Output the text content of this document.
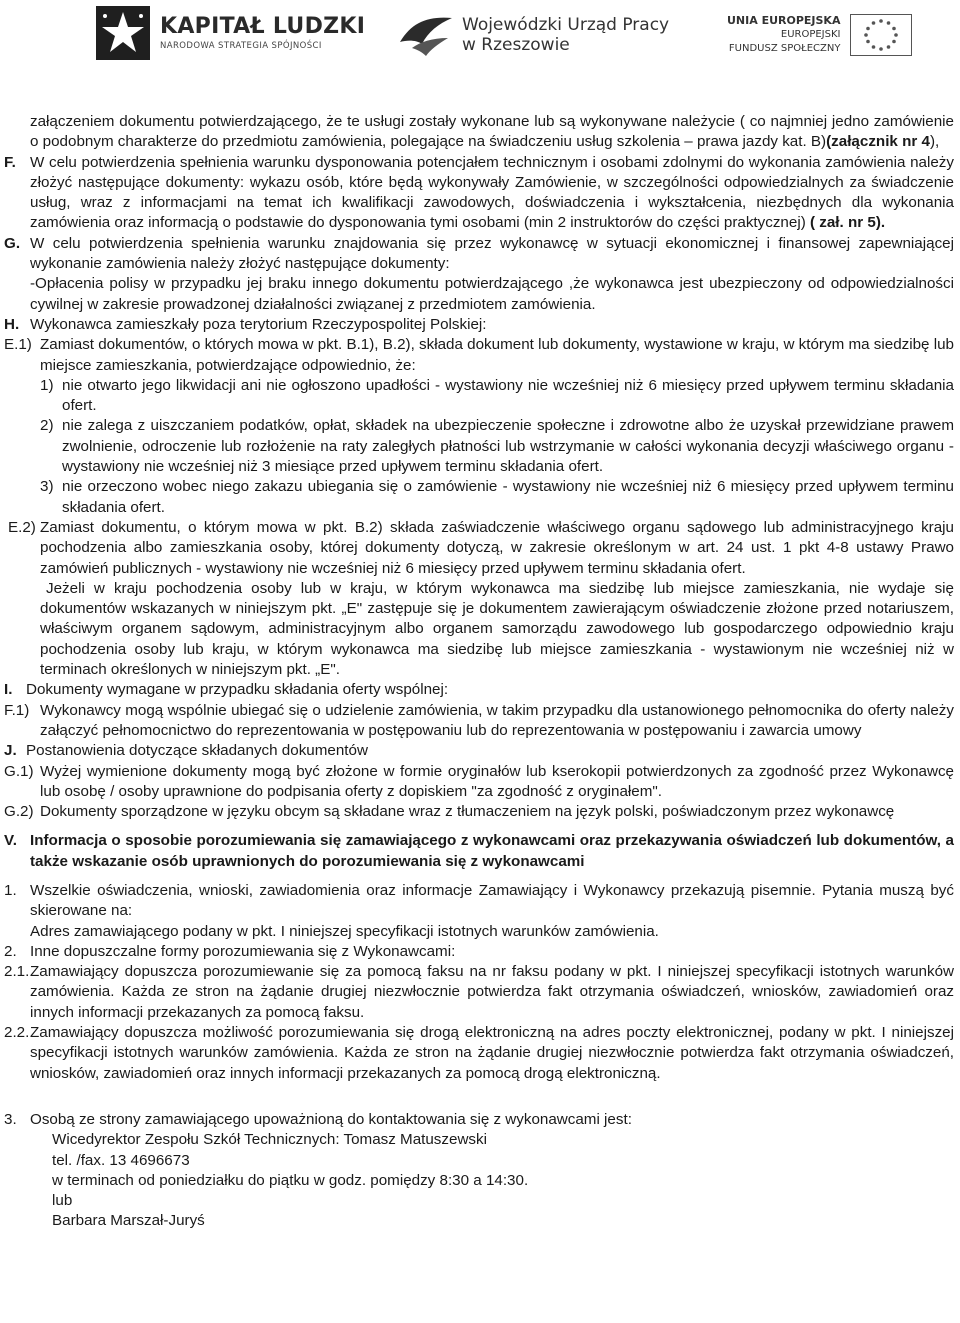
KAPITAŁ LUDZKI
NARODOWA STRATEGIA SPÓJNOŚCI
Wojewódzki Urząd Pracy
w Rzeszowie
UNIA EUROPEJSKA
EUROPEJSKI
FUNDUSZ SPOŁECZNY

załączeniem dokumentu potwierdzającego, że te usługi zostały wykonane lub są wykonywane należycie ( co najmniej jedno zamówienie o podobnym charakterze do przedmiotu zamówienia, polegające na świadczeniu usług szkolenia – prawa jazdy kat. B)(załącznik nr 4),

F. W celu potwierdzenia spełnienia warunku dysponowania potencjałem technicznym i osobami zdolnymi do wykonania zamówienia należy złożyć następujące dokumenty: wykazu osób, które będą wykonywały Zamówienie, w szczególności odpowiedzialnych za świadczenie usług, wraz z informacjami na temat ich kwalifikacji zawodowych, doświadczenia i wykształcenia, niezbędnych dla wykonania zamówienia oraz informacją o podstawie do dysponowania tymi osobami (min 2 instruktorów do części praktycznej) ( zał. nr 5).

G. W celu potwierdzenia spełnienia warunku znajdowania się przez wykonawcę w sytuacji ekonomicznej i finansowej zapewniającej wykonanie zamówienia należy złożyć następujące dokumenty:

-Opłacenia polisy w przypadku jej braku innego dokumentu potwierdzającego ,że wykonawca jest ubezpieczony od odpowiedzialności cywilnej w zakresie prowadzonej działalności związanej z przedmiotem zamówienia.

H. Wykonawca zamieszkały poza terytorium Rzeczypospolitej Polskiej:

E.1) Zamiast dokumentów, o których mowa w pkt. B.1), B.2), składa dokument lub dokumenty, wystawione w kraju, w którym ma siedzibę lub miejsce zamieszkania, potwierdzające odpowiednio, że:

1) nie otwarto jego likwidacji ani nie ogłoszono upadłości - wystawiony nie wcześniej niż 6 miesięcy przed upływem terminu składania ofert.

2) nie zalega z uiszczaniem podatków, opłat, składek na ubezpieczenie społeczne i zdrowotne albo że uzyskał przewidziane prawem zwolnienie, odroczenie lub rozłożenie na raty zaległych płatności lub wstrzymanie w całości wykonania decyzji właściwego organu - wystawiony nie wcześniej niż 3 miesiące przed upływem terminu składania ofert.

3) nie orzeczono wobec niego zakazu ubiegania się o zamówienie - wystawiony nie wcześniej niż 6 miesięcy przed upływem terminu składania ofert.

E.2) Zamiast dokumentu, o którym mowa w pkt. B.2) składa zaświadczenie właściwego organu sądowego lub administracyjnego kraju pochodzenia albo zamieszkania osoby, której dokumenty dotyczą, w zakresie określonym w art. 24 ust. 1 pkt 4-8 ustawy Prawo zamówień publicznych - wystawiony nie wcześniej niż 6 miesięcy przed upływem terminu składania ofert.

Jeżeli w kraju pochodzenia osoby lub w kraju, w którym wykonawca ma siedzibę lub miejsce zamieszkania, nie wydaje się dokumentów wskazanych w niniejszym pkt. „E" zastępuje się je dokumentem zawierającym oświadczenie złożone przed notariuszem, właściwym organem sądowym, administracyjnym albo organem samorządu zawodowego lub gospodarczego odpowiednio kraju pochodzenia osoby lub kraju, w którym wykonawca ma siedzibę lub miejsce zamieszkania - wystawionym nie wcześniej niż w terminach określonych w niniejszym pkt. „E".

I. Dokumenty wymagane w przypadku składania oferty wspólnej:

F.1) Wykonawcy mogą wspólnie ubiegać się o udzielenie zamówienia, w takim przypadku dla ustanowionego pełnomocnika do oferty należy załączyć pełnomocnictwo do reprezentowania w postępowaniu lub do reprezentowania w postępowaniu i zawarcia umowy

J. Postanowienia dotyczące składanych dokumentów

G.1) Wyżej wymienione dokumenty mogą być złożone w formie oryginałów lub kserokopii potwierdzonych za zgodność przez Wykonawcę lub osobę / osoby uprawnione do podpisania oferty z dopiskiem "za zgodność z oryginałem".

G.2) Dokumenty sporządzone w języku obcym są składane wraz z tłumaczeniem na język polski, poświadczonym przez wykonawcę

V. Informacja o sposobie porozumiewania się zamawiającego z wykonawcami oraz przekazywania oświadczeń lub dokumentów, a także wskazanie osób uprawnionych do porozumiewania się z wykonawcami

1. Wszelkie oświadczenia, wnioski, zawiadomienia oraz informacje Zamawiający i Wykonawcy przekazują pisemnie. Pytania muszą być skierowane na:

Adres zamawiającego podany w pkt. I niniejszej specyfikacji istotnych warunków zamówienia.

2. Inne dopuszczalne formy porozumiewania się z Wykonawcami:

2.1. Zamawiający dopuszcza porozumiewanie się za pomocą faksu na nr faksu podany w pkt. I niniejszej specyfikacji istotnych warunków zamówienia. Każda ze stron na żądanie drugiej niezwłocznie potwierdza fakt otrzymania oświadczeń, wniosków, zawiadomień oraz innych informacji przekazanych za pomocą faksu.

2.2. Zamawiający dopuszcza możliwość porozumiewania się drogą elektroniczną na adres poczty elektronicznej, podany w pkt. I niniejszej specyfikacji istotnych warunków zamówienia. Każda ze stron na żądanie drugiej niezwłocznie potwierdza fakt otrzymania oświadczeń, wniosków, zawiadomień oraz innych informacji przekazanych za pomocą drogą elektroniczną.

3. Osobą ze strony zamawiającego upoważnioną do kontaktowania się z wykonawcami jest:

Wicedyrektor Zespołu Szkół Technicznych: Tomasz Matuszewski
tel. /fax. 13 4696673
w terminach od poniedziałku do piątku w godz. pomiędzy 8:30 a 14:30.
lub
Barbara Marszał-Juryś
